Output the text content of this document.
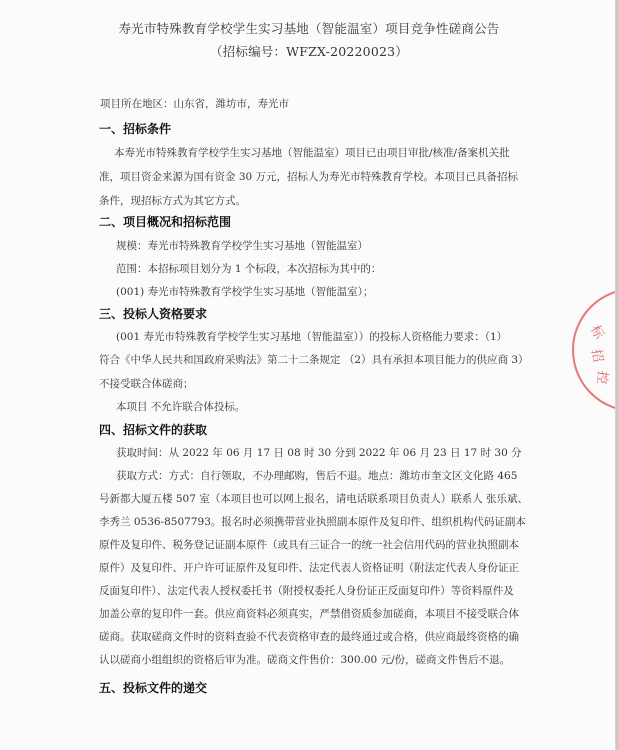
寿光市特殊教育学校学生实习基地（智能温室）项目竞争性磋商公告
（招标编号：WFZX-20220023）
项目所在地区：山东省，潍坊市，寿光市
一、招标条件
本寿光市特殊教育学校学生实习基地（智能温室）项目已由项目审批/核准/备案机关批
准，项目资金来源为国有资金 30 万元，招标人为寿光市特殊教育学校。本项目已具备招标
条件，现招标方式为其它方式。
二、项目概况和招标范围
规模：寿光市特殊教育学校学生实习基地（智能温室）
范围：本招标项目划分为 1 个标段，本次招标为其中的：
(001) 寿光市特殊教育学校学生实习基地（智能温室）；
三、投标人资格要求
(001 寿光市特殊教育学校学生实习基地（智能温室））的投标人资格能力要求：（1）
符合《中华人民共和国政府采购法》第二十二条规定 （2）具有承担本项目能力的供应商 3）
不接受联合体磋商；
本项目 不允许联合体投标。
四、招标文件的获取
获取时间：从 2022 年 06 月 17 日 08 时 30 分到 2022 年 06 月 23 日 17 时 30 分
获取方式：方式：自行领取，不办理邮购，售后不退。地点：潍坊市奎文区文化路 465
号新都大厦五楼 507 室（本项目也可以网上报名，请电话联系项目负责人）联系人 张乐斌、
李秀兰 0536-8507793。报名时必须携带营业执照副本原件及复印件、组织机构代码证副本
原件及复印件、税务登记证副本原件（或具有三证合一的统一社会信用代码的营业执照副本
原件）及复印件、开户许可证原件及复印件、法定代表人资格证明（附法定代表人身份证正
反面复印件）、法定代表人授权委托书（附授权委托人身份证正反面复印件）等资料原件及
加盖公章的复印件一套。供应商资料必须真实，严禁借资质参加磋商，本项目不接受联合体
磋商。获取磋商文件时的资料查验不代表资格审查的最终通过或合格，供应商最终资格的确
认以磋商小组组织的资格后审为准。磋商文件售价：300.00 元/份，磋商文件售后不退。
五、投标文件的递交
标
招
控
